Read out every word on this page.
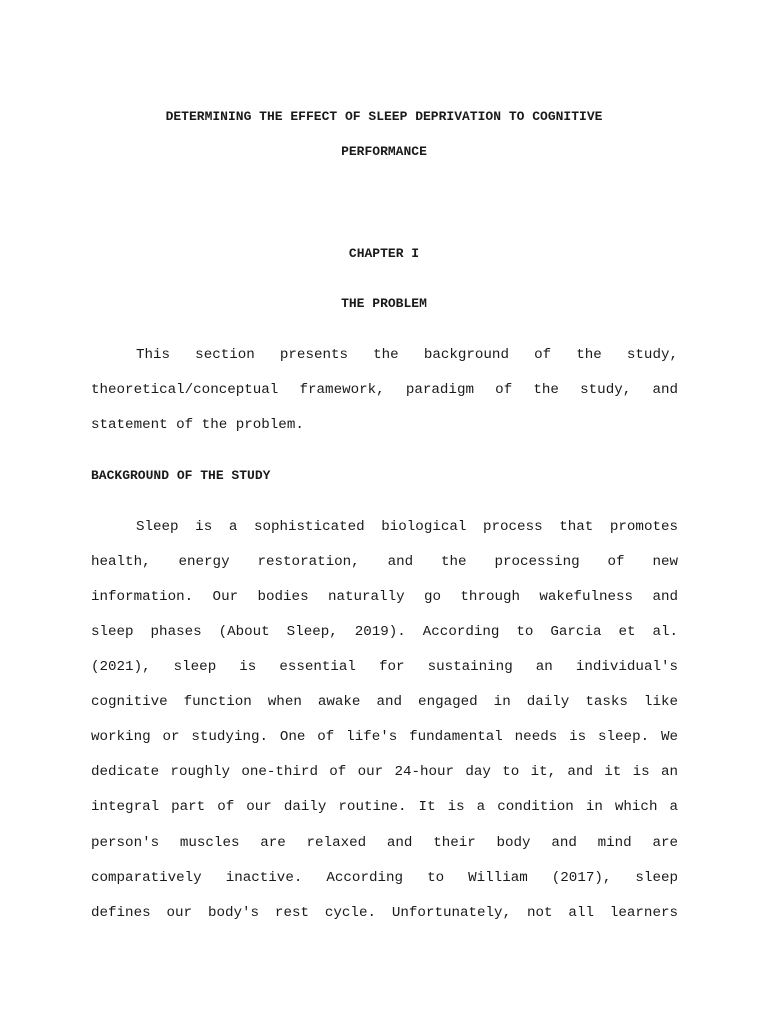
DETERMINING THE EFFECT OF SLEEP DEPRIVATION TO COGNITIVE
PERFORMANCE
CHAPTER I
THE PROBLEM
This section presents the background of the study,
theoretical/conceptual framework, paradigm of the study, and
statement of the problem.
BACKGROUND OF THE STUDY
Sleep is a sophisticated biological process that promotes
health, energy restoration, and the processing of new
information. Our bodies naturally go through wakefulness and
sleep phases (About Sleep, 2019). According to Garcia et al.
(2021), sleep is essential for sustaining an individual's
cognitive function when awake and engaged in daily tasks like
working or studying. One of life's fundamental needs is sleep. We
dedicate roughly one-third of our 24-hour day to it, and it is an
integral part of our daily routine. It is a condition in which a
person's muscles are relaxed and their body and mind are
comparatively inactive. According to William (2017), sleep
defines our body's rest cycle. Unfortunately, not all learners
